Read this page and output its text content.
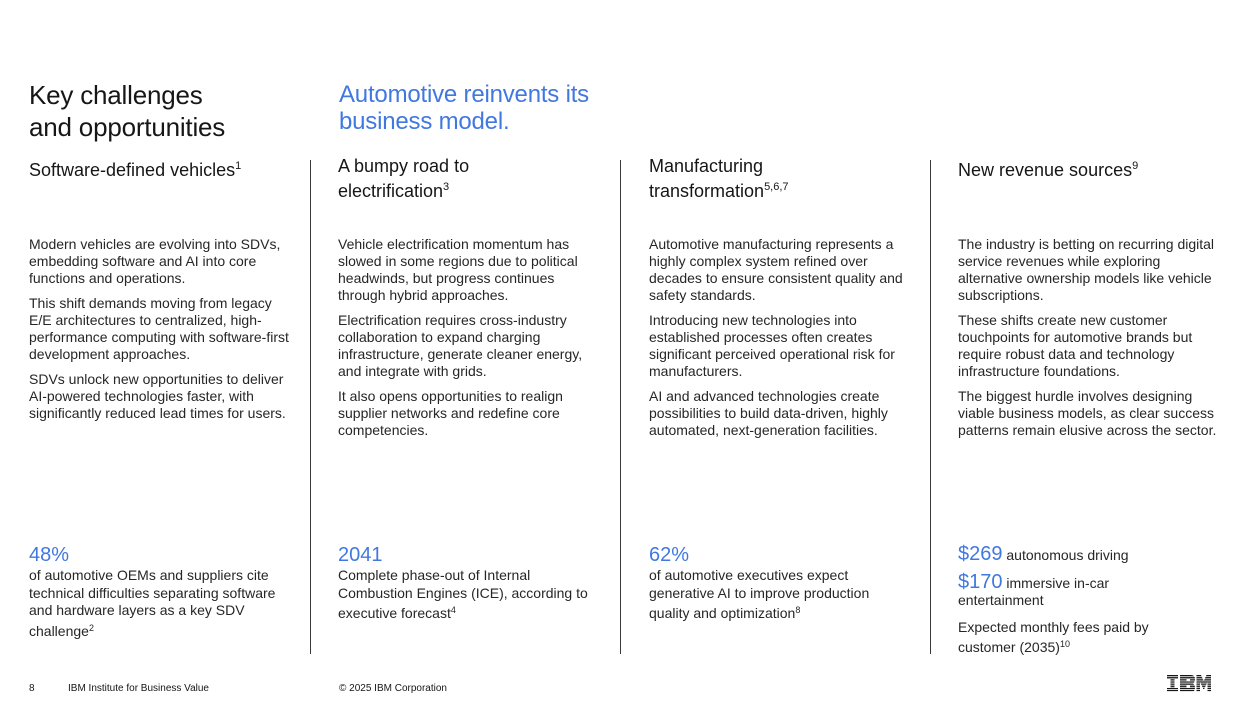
Key challenges
and opportunities
Automotive reinvents its
business model.
Software-defined vehicles$^1$

Modern vehicles are evolving into SDVs, embedding software and AI into core functions and operations.

This shift demands moving from legacy E/E architectures to centralized, high-performance computing with software-first development approaches.

SDVs unlock new opportunities to deliver AI-powered technologies faster, with significantly reduced lead times for users.

48%
of automotive OEMs and suppliers cite technical difficulties separating software and hardware layers as a key SDV challenge$^2$
A bumpy road to
electrification$^3$

Vehicle electrification momentum has slowed in some regions due to political headwinds, but progress continues through hybrid approaches.

Electrification requires cross-industry collaboration to expand charging infrastructure, generate cleaner energy, and integrate with grids.

It also opens opportunities to realign supplier networks and redefine core competencies.

2041
Complete phase-out of Internal Combustion Engines (ICE), according to executive forecast$^4$
Manufacturing
transformation$^{5,6,7}$

Automotive manufacturing represents a highly complex system refined over decades to ensure consistent quality and safety standards.

Introducing new technologies into established processes often creates significant perceived operational risk for manufacturers.

AI and advanced technologies create possibilities to build data-driven, highly automated, next-generation facilities.

62%
of automotive executives expect generative AI to improve production quality and optimization$^8$
New revenue sources$^9$

The industry is betting on recurring digital service revenues while exploring alternative ownership models like vehicle subscriptions.

These shifts create new customer touchpoints for automotive brands but require robust data and technology infrastructure foundations.

The biggest hurdle involves designing viable business models, as clear success patterns remain elusive across the sector.

$269 autonomous driving
$170 immersive in-car
entertainment
Expected monthly fees paid by customer $(2035)^{10}$
8	IBM Institute for Business Value	© 2025 IBM Corporation
